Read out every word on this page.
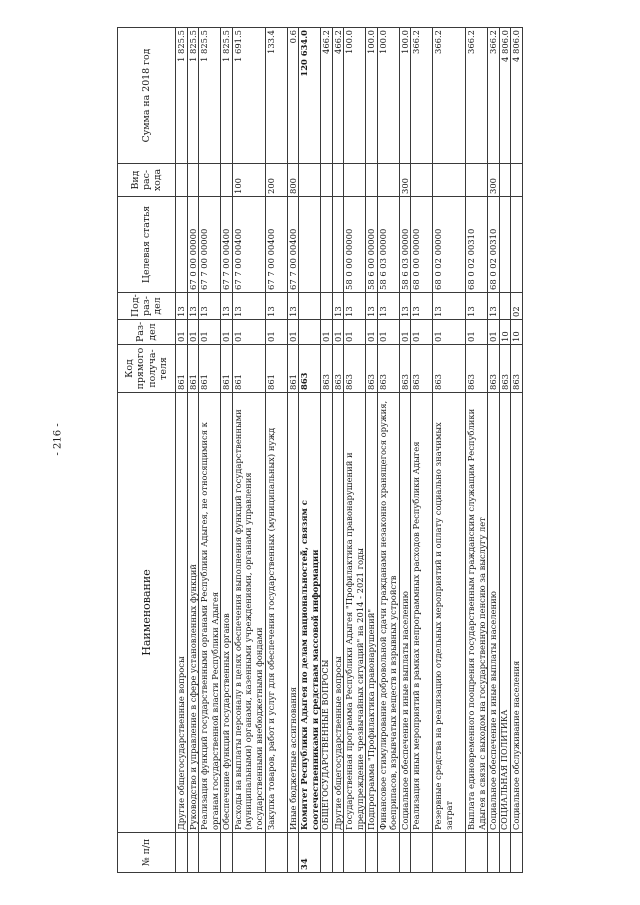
- 216 -
№ п/п	Наименование	Код прямого получа-теля	Раз-дел	Под-раз-дел	Целевая статья	Вид рас-хода	Сумма на 2018 год
	Другие общегосударственные вопросы	861	01	13			1 825.5
	Руководство и управление в сфере установленных функций	861	01	13	67 0 00 00000		1 825.5
	Реализация функций государственными органами Республики Адыгея, не относящимися к органам государственной власти Республики Адыгея	861	01	13	67 7 00 00000		1 825.5
	Обеспечение функций государственных органов	861	01	13	67 7 00 00400		1 825.5
	Расходы на выплаты персоналу в целях обеспечения выполнения функций государственными (муниципальными) органами, казенными учреждениями, органами управления государственными внебюджетными фондами	861	01	13	67 7 00 00400	100	1 691.5
	Закупка товаров, работ и услуг для обеспечения государственных (муниципальных) нужд	861	01	13	67 7 00 00400	200	133.4
	Иные бюджетные ассигнования	861	01	13	67 7 00 00400	800	0.6
34	Комитет Республики Адыгея по делам национальностей, связям с соотечественниками и средствам массовой информации	863					120 634.0
	ОБЩЕГОСУДАРСТВЕННЫЕ ВОПРОСЫ	863	01				466.2
	Другие общегосударственные вопросы	863	01	13			466.2
	Государственная программа Республики Адыгея "Профилактика правонарушений и предупреждение чрезвычайных ситуаций" на 2014 - 2021 годы	863	01	13	58 0 00 00000		100.0
	Подпрограмма "Профилактика правонарушений"	863	01	13	58 6 00 00000		100.0
	Финансовое стимулирование добровольной сдачи гражданами незаконно хранящегося оружия, боеприпасов, взрывчатых веществ и взрывных устройств	863	01	13	58 6 03 00000		100.0
	Социальное обеспечение и иные выплаты населению	863	01	13	58 6 03 00000	300	100.0
	Реализация иных мероприятий в рамках непрограммных расходов Республики Адыгея	863	01	13	68 0 00 00000		366.2
	Резервные средства на реализацию отдельных мероприятий и оплату социально значимых затрат	863	01	13	68 0 02 00000		366.2
	Выплата единовременного поощрения государственным гражданским служащим Республики Адыгея в связи с выходом на государственную пенсию за выслугу лет	863	01	13	68 0 02 00310		366.2
	Социальное обеспечение и иные выплаты населению	863	01	13	68 0 02 00310	300	366.2
	СОЦИАЛЬНАЯ ПОЛИТИКА	863	10				4 806.0
	Социальное обслуживание населения	863	10	02			4 806.0
